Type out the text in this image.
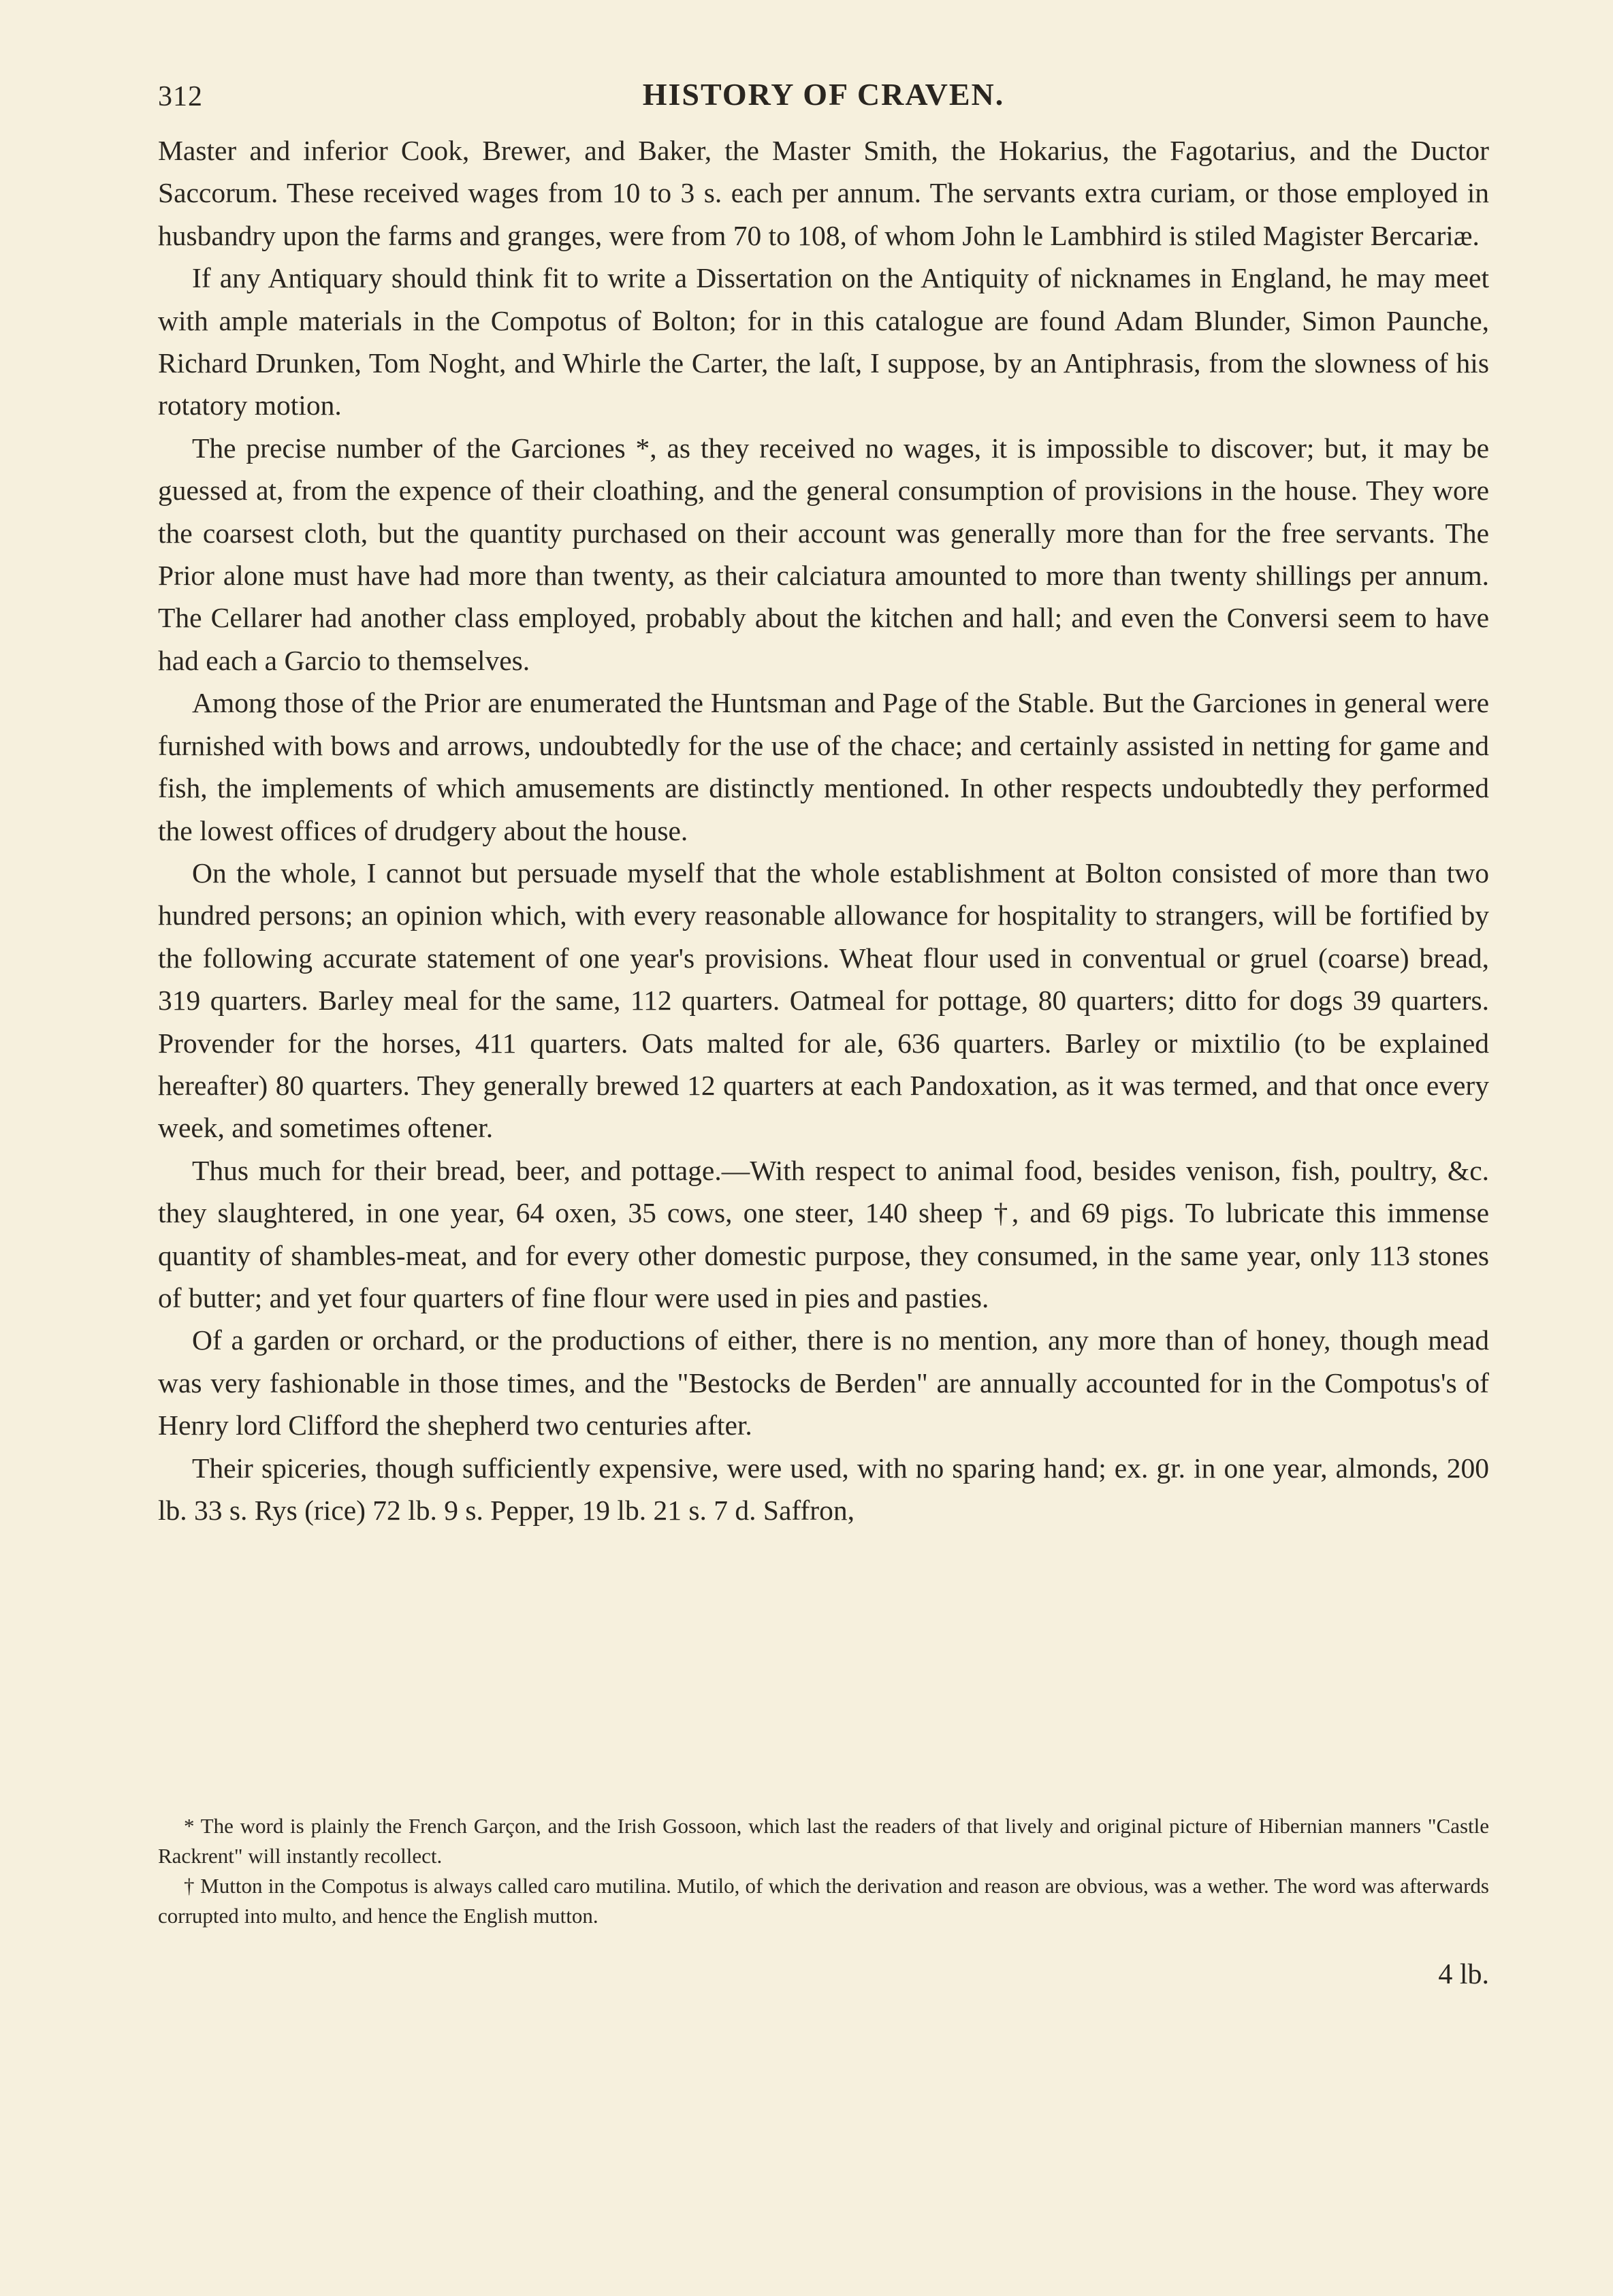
312	HISTORY OF CRAVEN.

Master and inferior Cook, Brewer, and Baker, the Master Smith, the Hokarius, the Fagotarius, and the Ductor Saccorum. These received wages from 10 to 3 s. each per annum. The servants extra curiam, or those employed in husbandry upon the farms and granges, were from 70 to 108, of whom John le Lambhird is stiled Magister Bercariæ.

If any Antiquary should think fit to write a Dissertation on the Antiquity of nicknames in England, he may meet with ample materials in the Compotus of Bolton; for in this catalogue are found Adam Blunder, Simon Paunche, Richard Drunken, Tom Noght, and Whirle the Carter, the laſt, I suppose, by an Antiphrasis, from the slowness of his rotatory motion.

The precise number of the Garciones *, as they received no wages, it is impossible to discover; but, it may be guessed at, from the expence of their cloathing, and the general consumption of provisions in the house. They wore the coarsest cloth, but the quantity purchased on their account was generally more than for the free servants. The Prior alone must have had more than twenty, as their calciatura amounted to more than twenty shillings per annum. The Cellarer had another class employed, probably about the kitchen and hall; and even the Conversi seem to have had each a Garcio to themselves.

Among those of the Prior are enumerated the Huntsman and Page of the Stable. But the Garciones in general were furnished with bows and arrows, undoubtedly for the use of the chace; and certainly assisted in netting for game and fish, the implements of which amusements are distinctly mentioned. In other respects undoubtedly they performed the lowest offices of drudgery about the house.

On the whole, I cannot but persuade myself that the whole establishment at Bolton consisted of more than two hundred persons; an opinion which, with every reasonable allowance for hospitality to strangers, will be fortified by the following accurate statement of one year's provisions. Wheat flour used in conventual or gruel (coarse) bread, 319 quarters. Barley meal for the same, 112 quarters. Oatmeal for pottage, 80 quarters; ditto for dogs 39 quarters. Provender for the horses, 411 quarters. Oats malted for ale, 636 quarters. Barley or mixtilio (to be explained hereafter) 80 quarters. They generally brewed 12 quarters at each Pandoxation, as it was termed, and that once every week, and sometimes oftener.

Thus much for their bread, beer, and pottage.—With respect to animal food, besides venison, fish, poultry, &c. they slaughtered, in one year, 64 oxen, 35 cows, one steer, 140 sheep †, and 69 pigs. To lubricate this immense quantity of shambles-meat, and for every other domestic purpose, they consumed, in the same year, only 113 stones of butter; and yet four quarters of fine flour were used in pies and pasties.

Of a garden or orchard, or the productions of either, there is no mention, any more than of honey, though mead was very fashionable in those times, and the "Bestocks de Berden" are annually accounted for in the Compotus's of Henry lord Clifford the shepherd two centuries after.

Their spiceries, though sufficiently expensive, were used, with no sparing hand; ex. gr. in one year, almonds, 200 lb. 33 s. Rys (rice) 72 lb. 9 s. Pepper, 19 lb. 21 s. 7 d. Saffron,

* The word is plainly the French Garçon, and the Irish Gossoon, which last the readers of that lively and original picture of Hibernian manners "Castle Rackrent" will instantly recollect.

† Mutton in the Compotus is always called caro mutilina. Mutilo, of which the derivation and reason are obvious, was a wether. The word was afterwards corrupted into multo, and hence the English mutton.

4 lb.
